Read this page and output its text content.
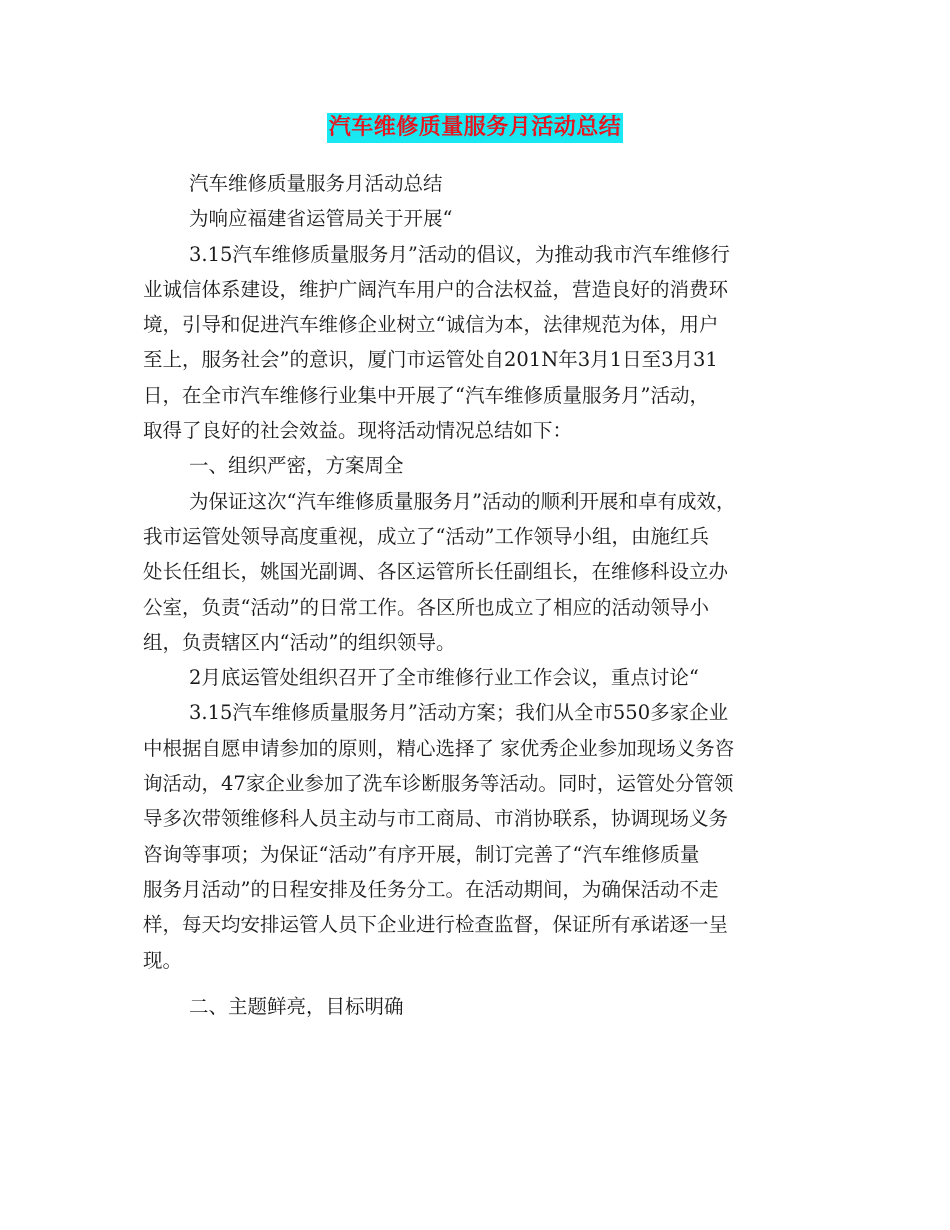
汽车维修质量服务月活动总结
汽车维修质量服务月活动总结
为响应福建省运管局关于开展“
3.15汽车维修质量服务月”活动的倡议，为推动我市汽车维修行
业诚信体系建设，维护广阔汽车用户的合法权益，营造良好的消费环
境，引导和促进汽车维修企业树立“诚信为本，法律规范为体，用户
至上，服务社会”的意识，厦门市运管处自201N年3月1日至3月31
日，在全市汽车维修行业集中开展了“汽车维修质量服务月”活动，
取得了良好的社会效益。现将活动情况总结如下：
一、组织严密，方案周全
为保证这次“汽车维修质量服务月”活动的顺利开展和卓有成效，
我市运管处领导高度重视，成立了“活动”工作领导小组，由施红兵
处长任组长，姚国光副调、各区运管所长任副组长，在维修科设立办
公室，负责“活动”的日常工作。各区所也成立了相应的活动领导小
组，负责辖区内“活动”的组织领导。
2月底运管处组织召开了全市维修行业工作会议，重点讨论“
3.15汽车维修质量服务月”活动方案；我们从全市550多家企业
中根据自愿申请参加的原则，精心选择了 家优秀企业参加现场义务咨
询活动，47家企业参加了洗车诊断服务等活动。同时，运管处分管领
导多次带领维修科人员主动与市工商局、市消协联系，协调现场义务
咨询等事项；为保证“活动”有序开展，制订完善了“汽车维修质量
服务月活动”的日程安排及任务分工。在活动期间，为确保活动不走
样，每天均安排运管人员下企业进行检查监督，保证所有承诺逐一呈
现。
二、主题鲜亮，目标明确
